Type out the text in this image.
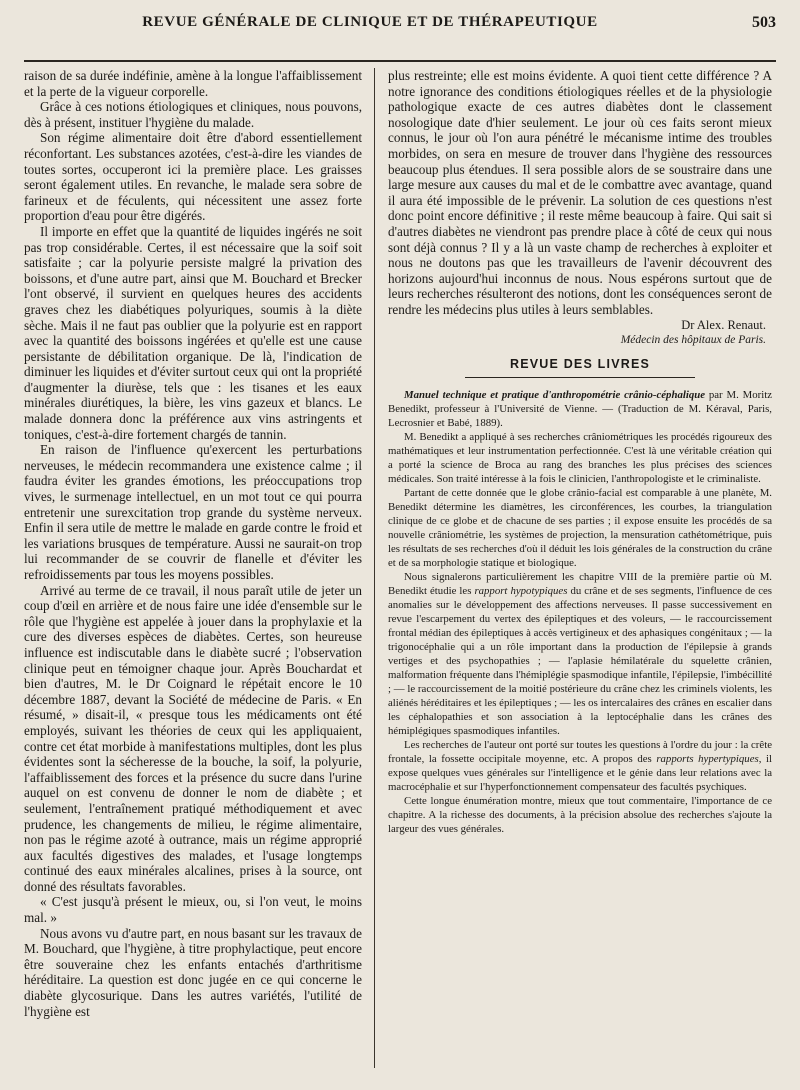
REVUE GÉNÉRALE DE CLINIQUE ET DE THÉRAPEUTIQUE	503

raison de sa durée indéfinie, amène à la longue l'affaiblissement et la perte de la vigueur corporelle.

Grâce à ces notions étiologiques et cliniques, nous pouvons, dès à présent, instituer l'hygiène du malade.

Son régime alimentaire doit être d'abord essentiellement réconfortant. Les substances azotées, c'est-à-dire les viandes de toutes sortes, occuperont ici la première place. Les graisses seront également utiles. En revanche, le malade sera sobre de farineux et de féculents, qui nécessitent une assez forte proportion d'eau pour être digérés.

Il importe en effet que la quantité de liquides ingérés ne soit pas trop considérable. Certes, il est nécessaire que la soif soit satisfaite ; car la polyurie persiste malgré la privation des boissons, et d'une autre part, ainsi que M. Bouchard et Brecker l'ont observé, il survient en quelques heures des accidents graves chez les diabétiques polyuriques, soumis à la diète sèche. Mais il ne faut pas oublier que la polyurie est en rapport avec la quantité des boissons ingérées et qu'elle est une cause persistante de débilitation organique. De là, l'indication de diminuer les liquides et d'éviter surtout ceux qui ont la propriété d'augmenter la diurèse, tels que : les tisanes et les eaux minérales diurétiques, la bière, les vins gazeux et blancs. Le malade donnera donc la préférence aux vins astringents et toniques, c'est-à-dire fortement chargés de tannin.

En raison de l'influence qu'exercent les perturbations nerveuses, le médecin recommandera une existence calme ; il faudra éviter les grandes émotions, les préoccupations trop vives, le surmenage intellectuel, en un mot tout ce qui pourra entretenir une surexcitation trop grande du système nerveux. Enfin il sera utile de mettre le malade en garde contre le froid et les variations brusques de température. Aussi ne saurait-on trop lui recommander de se couvrir de flanelle et d'éviter les refroidissements par tous les moyens possibles.

Arrivé au terme de ce travail, il nous paraît utile de jeter un coup d'œil en arrière et de nous faire une idée d'ensemble sur le rôle que l'hygiène est appelée à jouer dans la prophylaxie et la cure des diverses espèces de diabètes. Certes, son heureuse influence est indiscutable dans le diabète sucré ; l'observation clinique peut en témoigner chaque jour. Après Bouchardat et bien d'autres, M. le Dr Coignard le répétait encore le 10 décembre 1887, devant la Société de médecine de Paris. « En résumé, » disait-il, « presque tous les médicaments ont été employés, suivant les théories de ceux qui les appliquaient, contre cet état morbide à manifestations multiples, dont les plus évidentes sont la sécheresse de la bouche, la soif, la polyurie, l'affaiblissement des forces et la présence du sucre dans l'urine auquel on est convenu de donner le nom de diabète ; et seulement, l'entraînement pratiqué méthodiquement et avec prudence, les changements de milieu, le régime alimentaire, non pas le régime azoté à outrance, mais un régime approprié aux facultés digestives des malades, et l'usage longtemps continué des eaux minérales alcalines, prises à la source, ont donné des résultats favorables.

« C'est jusqu'à présent le mieux, ou, si l'on veut, le moins mal. »

Nous avons vu d'autre part, en nous basant sur les travaux de M. Bouchard, que l'hygiène, à titre prophylactique, peut encore être souveraine chez les enfants entachés d'arthritisme héréditaire. La question est donc jugée en ce qui concerne le diabète glycosurique. Dans les autres variétés, l'utilité de l'hygiène est

plus restreinte; elle est moins évidente. A quoi tient cette différence ? A notre ignorance des conditions étiologiques réelles et de la physiologie pathologique exacte de ces autres diabètes dont le classement nosologique date d'hier seulement. Le jour où ces faits seront mieux connus, le jour où l'on aura pénétré le mécanisme intime des troubles morbides, on sera en mesure de trouver dans l'hygiène des ressources beaucoup plus étendues. Il sera possible alors de se soustraire dans une large mesure aux causes du mal et de le combattre avec avantage, quand il aura été impossible de le prévenir. La solution de ces questions n'est donc point encore définitive ; il reste même beaucoup à faire. Qui sait si d'autres diabètes ne viendront pas prendre place à côté de ceux qui nous sont déjà connus ? Il y a là un vaste champ de recherches à exploiter et nous ne doutons pas que les travailleurs de l'avenir découvrent des horizons aujourd'hui inconnus de nous. Nous espérons surtout que de leurs recherches résulteront des notions, dont les conséquences seront de rendre les médecins plus utiles à leurs semblables.

Dr Alex. Renaut.

Médecin des hôpitaux de Paris.

REVUE DES LIVRES

Manuel technique et pratique d'anthropométrie crânio-céphalique par M. Moritz Benedikt, professeur à l'Université de Vienne. — (Traduction de M. Kéraval, Paris, Lecrosnier et Babé, 1889).

M. Benedikt a appliqué à ses recherches crâniométriques les procédés rigoureux des mathématiques et leur instrumentation perfectionnée. C'est là une véritable création qui a porté la science de Broca au rang des branches les plus précises des sciences médicales. Son traité intéresse à la fois le clinicien, l'anthropologiste et le criminaliste.

Partant de cette donnée que le globe crânio-facial est comparable à une planète, M. Benedikt détermine les diamètres, les circonférences, les courbes, la triangulation clinique de ce globe et de chacune de ses parties ; il expose ensuite les procédés de sa nouvelle crâniométrie, les systèmes de projection, la mensuration cathétométrique, puis les résultats de ses recherches d'où il déduit les lois générales de la construction du crâne et de sa morphologie statique et biologique.

Nous signalerons particulièrement les chapitre VIII de la première partie où M. Benedikt étudie les rapport hypotypiques du crâne et de ses segments, l'influence de ces anomalies sur le développement des affections nerveuses. Il passe successivement en revue l'escarpement du vertex des épileptiques et des voleurs, — le raccourcissement frontal médian des épileptiques à accès vertigineux et des aphasiques congénitaux ; — la trigonocéphalie qui a un rôle important dans la production de l'épilepsie à grands vertiges et des psychopathies ; — l'aplasie hémilatérale du squelette crânien, malformation fréquente dans l'hémiplégie spasmodique infantile, l'épilepsie, l'imbécillité ; — le raccourcissement de la moitié postérieure du crâne chez les criminels violents, les aliénés héréditaires et les épileptiques ; — les os intercalaires des crânes en escalier dans les céphalopathies et son association à la leptocéphalie dans les crânes des hémiplégiques spasmodiques infantiles.

Les recherches de l'auteur ont porté sur toutes les questions à l'ordre du jour : la crête frontale, la fossette occipitale moyenne, etc. A propos des rapports hypertypiques, il expose quelques vues générales sur l'intelligence et le génie dans leur relations avec la macrocéphalie et sur l'hyperfonctionnement compensateur des facultés psychiques.

Cette longue énumération montre, mieux que tout commentaire, l'importance de ce chapitre. A la richesse des documents, à la précision absolue des recherches s'ajoute la largeur des vues générales.
